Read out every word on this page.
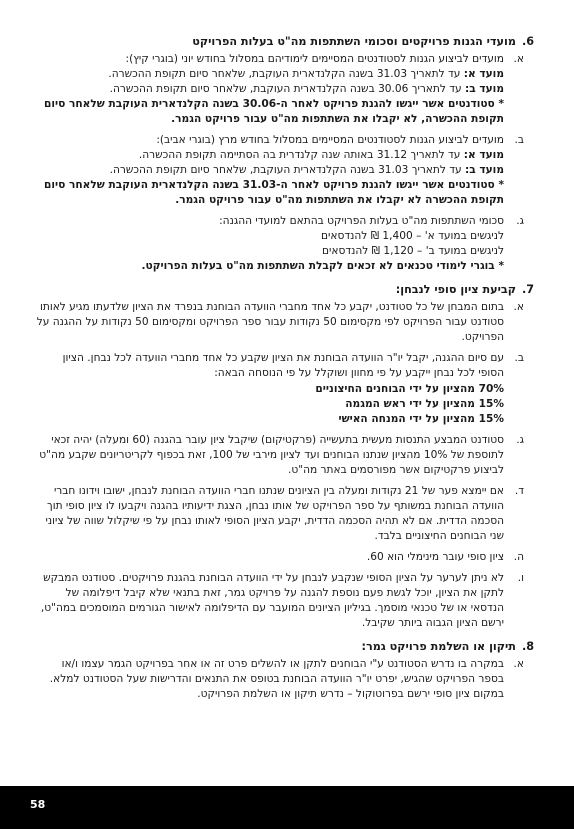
6.
מועדי הגנות פרויקטים וסכומי השתתפות מה"ט בעלות הפרויקט
א.
מועדים לביצוע הגנות לסטודנטים המסיימים לימודיהם במסלול בחודש יוני (בוגרי קיץ):
מועד א: עד לתאריך 31.03 בשנה הקלנדארית העוקבת, שלאחר סיום תקופת ההכשרה.
מועד ב: עד לתאריך 30.06 בשנה הקלנדארית העוקבת, שלאחר סיום תקופת ההכשרה.
* סטודנטים אשר ייגשו להגנת פרויקט לאחר ה-30.06 בשנה הקלנדארית העוקבת שלאחר סיום תקופת ההכשרה, לא יקבלו את השתתפות מה"ט עבור פרויקט הגמר.
ב.
מועדים לביצוע הגנות לסטודנטים המסיימים במסלול בחודש מרץ (בוגרי אביב):
מועד א: עד לתאריך 31.12 באותה שנה קלנדרית בה הסתיימה תקופת ההכשרה.
מועד ב: עד לתאריך 31.03 בשנה הקלנדארית העוקבת, שלאחר סיום תקופת ההכשרה.
* סטודנטים אשר ייגשו להגנת פרויקט לאחר ה-31.03 בשנה הקלנדארית העוקבת שלאחר סיום תקופת ההכשרה לא יקבלו את השתתפות מה"ט עבור פרויקט הגמר.
ג.
סכומי השתתפות מה"ט בעלות הפרויקט בהתאם למועדי ההגנה:
לניגשים במועד א' – 1,400 ₪ להנדסאים
לניגשים במועד ב' – 1,120 ₪ להנדסאים
* בוגרי לימודי טכנאים לא זכאים לקבלת השתתפות מה"ט בעלות הפרויקט.
7.
קביעת ציון סופי לנבחן:
א.
בתום המבחן של כל סטודנט, יקבע כל אחד מחברי הוועדה הבוחנת בנפרד את הציון שלדעתו מגיע לאותו סטודנט עבור הפרויקט לפי מקסימום 50 נקודות עבור ספר הפרויקט ומקסימום 50 נקודות על ההגנה על הפרויקט.
ב.
עם סיום ההגנה, יקבל יו"ר הוועדה הבוחנת את הציון שקבע כל אחד מחברי הוועדה לכל נבחן. הציון הסופי לכל נבחן ייקבע על פי מחוון ושוקלל על פי הנוסחה הבאה:
70% מהציון על ידי הבוחנים החיצוניים
15% מהציון על ידי ראש המגמה
15% מהציון על ידי המנחה האישי
ג.
סטודנט המבצע התנסות מעשית בתעשייה (פרקטיקום) שיקבל ציון עובר בהגנה (60 ומעלה) יהיה זכאי לתוספת של 10% מהציון שנתנו הבוחנים ועד לציון מירבי של 100, זאת בכפוף לקריטריונים שקבע מה"ט לביצוע פרקטיקום אשר מפורסמים באתר מה"ט.
ד.
אם יימצא פער של 21 נקודות ומעלה בין הציונים שנתנו חברי הוועדה הבוחנת לנבחן, ישובו וידונו חברי הוועדה הבוחנת במשותף על ספר הפרויקט של אותו נבחן, הצגת ידיעותיו בהגנה ויקבעו לו ציון סופי תוך הסכמה הדדית. אם לא תהיה הסכמה הדדית, יקבע הציון הסופי לאותו נבחן על פי שיקלול שווה של ציוני שני הבוחנים החיצוניים בלבד.
ה.
ציון סופי עובר מינימלי הוא 60.
ו.
לא ניתן לערער על הציון הסופי שנקבע לנבחן על ידי הוועדה הבוחנת בהגנת פרויקטים. סטודנט המבקש לתקן את הציון, יוכל לגשת פעם נוספת להגנה על פרויקט גמר, זאת בתנאי שלא קיבל דיפלומה של הנדסאי או של טכנאי מוסמך. בגיליון הציונים המועבר עם הדיפלומה לאישור הגורמים המוסמכים במה"ט, ירשם הציון הגבוה ביותר שקיבל.
8.
תיקון או השלמת פרויקט גמר:
א.
במקרה בו נדרש הסטודנט ע"י הבוחנים לתקן או להשלים פרט זה או אחר בפרויקט הגמר עצמו ו/או בספר הפרויקט שהגיש, יפרט יו"ר הוועדה הבוחנת בטופס את התנאים והדרישות שעל הסטודנט למלא. במקום ציון סופי ירשם בפרוטוקול – נדרש תיקון או השלמת הפרויקט.
58
